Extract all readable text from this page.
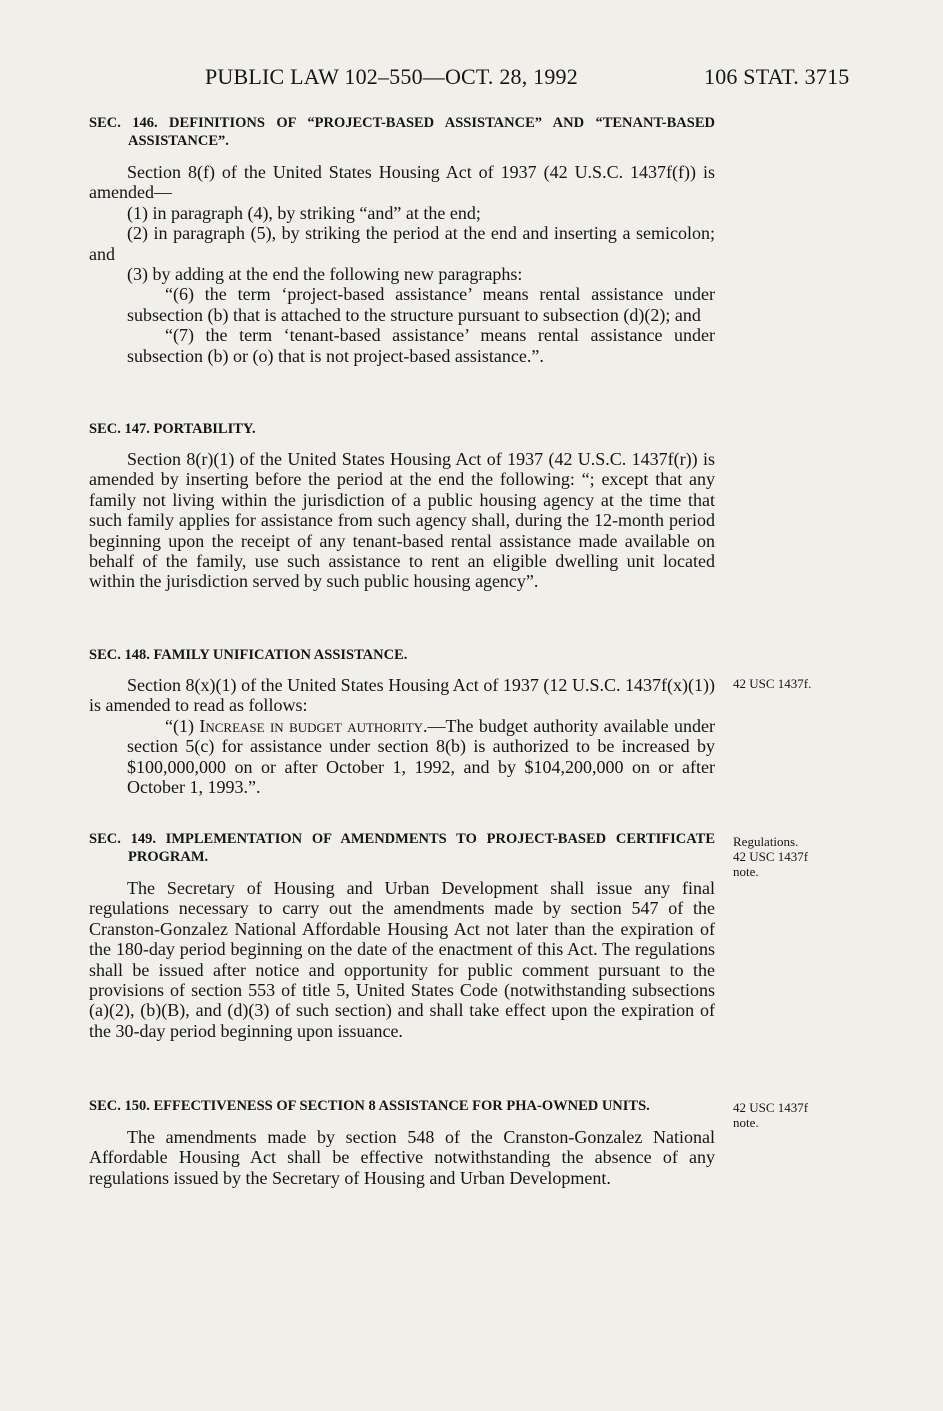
PUBLIC LAW 102–550—OCT. 28, 1992	106 STAT. 3715
SEC. 146. DEFINITIONS OF “PROJECT-BASED ASSISTANCE” AND “TENANT-BASED ASSISTANCE”.

Section 8(f) of the United States Housing Act of 1937 (42 U.S.C. 1437f(f)) is amended—

(1) in paragraph (4), by striking “and” at the end;

(2) in paragraph (5), by striking the period at the end and inserting a semicolon; and

(3) by adding at the end the following new paragraphs:

“(6) the term ‘project-based assistance’ means rental assistance under subsection (b) that is attached to the structure pursuant to subsection (d)(2); and

“(7) the term ‘tenant-based assistance’ means rental assistance under subsection (b) or (o) that is not project-based assistance.”.

SEC. 147. PORTABILITY.

Section 8(r)(1) of the United States Housing Act of 1937 (42 U.S.C. 1437f(r)) is amended by inserting before the period at the end the following: “; except that any family not living within the jurisdiction of a public housing agency at the time that such family applies for assistance from such agency shall, during the 12-month period beginning upon the receipt of any tenant-based rental assistance made available on behalf of the family, use such assistance to rent an eligible dwelling unit located within the jurisdiction served by such public housing agency”.

SEC. 148. FAMILY UNIFICATION ASSISTANCE.

Section 8(x)(1) of the United States Housing Act of 1937 (12 U.S.C. 1437f(x)(1)) is amended to read as follows:

“(1) Increase in budget authority.—The budget authority available under section 5(c) for assistance under section 8(b) is authorized to be increased by $100,000,000 on or after October 1, 1992, and by $104,200,000 on or after October 1, 1993.”.

42 USC 1437f.
SEC. 149. IMPLEMENTATION OF AMENDMENTS TO PROJECT-BASED CERTIFICATE PROGRAM.

The Secretary of Housing and Urban Development shall issue any final regulations necessary to carry out the amendments made by section 547 of the Cranston-Gonzalez National Affordable Housing Act not later than the expiration of the 180-day period beginning on the date of the enactment of this Act. The regulations shall be issued after notice and opportunity for public comment pursuant to the provisions of section 553 of title 5, United States Code (notwithstanding subsections (a)(2), (b)(B), and (d)(3) of such section) and shall take effect upon the expiration of the 30-day period beginning upon issuance.

Regulations.
42 USC 1437f note.
SEC. 150. EFFECTIVENESS OF SECTION 8 ASSISTANCE FOR PHA-OWNED UNITS.

The amendments made by section 548 of the Cranston-Gonzalez National Affordable Housing Act shall be effective notwithstanding the absence of any regulations issued by the Secretary of Housing and Urban Development.

42 USC 1437f note.
